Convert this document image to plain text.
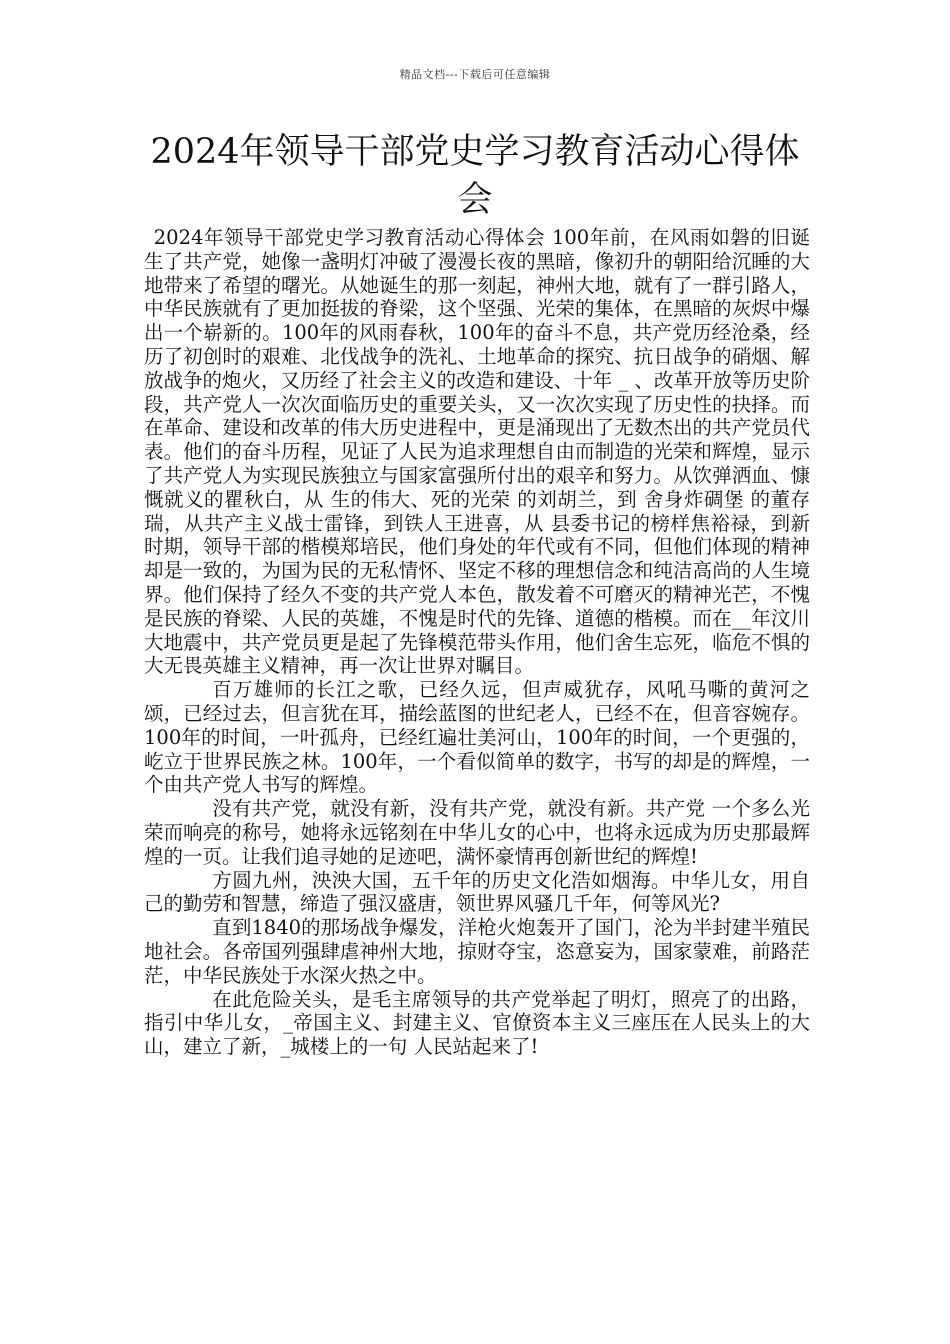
精品文档---下载后可任意编辑
2024年领导干部党史学习教育活动心得体会

2024年领导干部党史学习教育活动心得体会 100年前，在风雨如磐的旧诞生了共产党，她像一盏明灯冲破了漫漫长夜的黑暗，像初升的朝阳给沉睡的大地带来了希望的曙光。从她诞生的那一刻起，神州大地，就有了一群引路人，中华民族就有了更加挺拔的脊梁，这个坚强、光荣的集体，在黑暗的灰烬中爆出一个崭新的。100年的风雨春秋，100年的奋斗不息，共产党历经沧桑，经历了初创时的艰难、北伐战争的洗礼、土地革命的探究、抗日战争的硝烟、解放战争的炮火，又历经了社会主义的改造和建设、十年 _ 、改革开放等历史阶段，共产党人一次次面临历史的重要关头，又一次次实现了历史性的抉择。而在革命、建设和改革的伟大历史进程中，更是涌现出了无数杰出的共产党员代表。他们的奋斗历程，见证了人民为追求理想自由而制造的光荣和辉煌，显示了共产党人为实现民族独立与国家富强所付出的艰辛和努力。从饮弹洒血、慷慨就义的瞿秋白，从 生的伟大、死的光荣 的刘胡兰，到 舍身炸碉堡 的董存瑞，从共产主义战士雷锋，到铁人王进喜，从 县委书记的榜样焦裕禄，到新时期，领导干部的楷模郑培民，他们身处的年代或有不同，但他们体现的精神却是一致的，为国为民的无私情怀、坚定不移的理想信念和纯洁高尚的人生境界。他们保持了经久不变的共产党人本色，散发着不可磨灭的精神光芒，不愧是民族的脊梁、人民的英雄，不愧是时代的先锋、道德的楷模。而在__年汶川大地震中，共产党员更是起了先锋模范带头作用，他们舍生忘死，临危不惧的大无畏英雄主义精神，再一次让世界对瞩目。

百万雄师的长江之歌，已经久远，但声威犹存，风吼马嘶的黄河之颂，已经过去，但言犹在耳，描绘蓝图的世纪老人，已经不在，但音容婉存。100年的时间，一叶孤舟，已经红遍壮美河山，100年的时间，一个更强的，屹立于世界民族之林。100年，一个看似简单的数字，书写的却是的辉煌，一个由共产党人书写的辉煌。

没有共产党，就没有新，没有共产党，就没有新。共产党 一个多么光荣而响亮的称号，她将永远铭刻在中华儿女的心中，也将永远成为历史那最辉煌的一页。让我们追寻她的足迹吧，满怀豪情再创新世纪的辉煌!

方圆九州，泱泱大国，五千年的历史文化浩如烟海。中华儿女，用自己的勤劳和智慧，缔造了强汉盛唐，领世界风骚几千年，何等风光?

直到1840的那场战争爆发，洋枪火炮轰开了国门，沦为半封建半殖民地社会。各帝国列强肆虐神州大地，掠财夺宝，恣意妄为，国家蒙难，前路茫茫，中华民族处于水深火热之中。

在此危险关头，是毛主席领导的共产党举起了明灯，照亮了的出路，指引中华儿女，_帝国主义、封建主义、官僚资本主义三座压在人民头上的大山，建立了新，_城楼上的一句 人民站起来了!
